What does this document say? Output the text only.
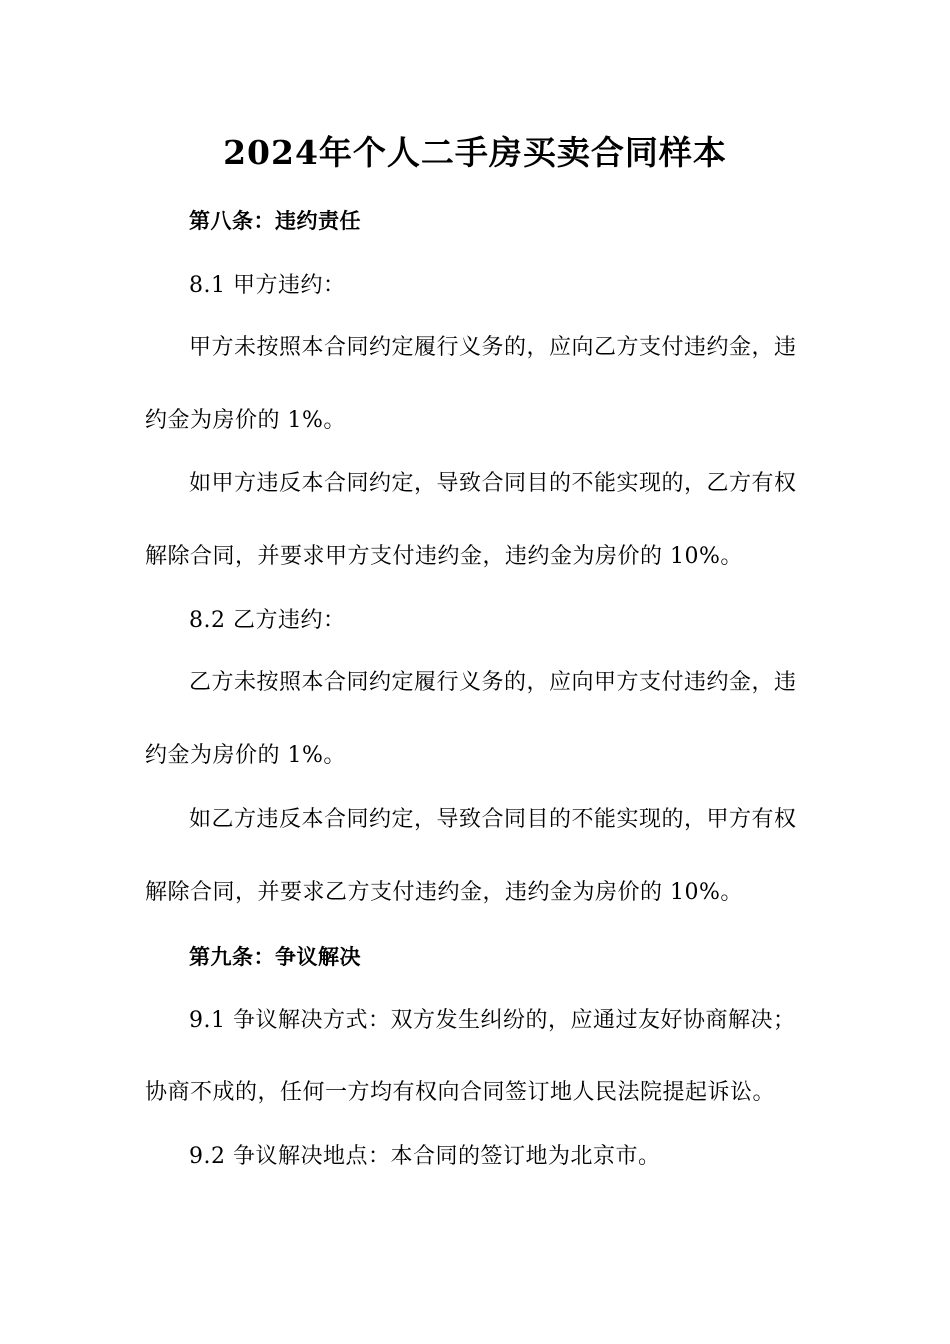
2024年个人二手房买卖合同样本
第八条：违约责任
8.1 甲方违约：
甲方未按照本合同约定履行义务的，应向乙方支付违约金，违
约金为房价的 1%。
如甲方违反本合同约定，导致合同目的不能实现的，乙方有权
解除合同，并要求甲方支付违约金，违约金为房价的 10%。
8.2 乙方违约：
乙方未按照本合同约定履行义务的，应向甲方支付违约金，违
约金为房价的 1%。
如乙方违反本合同约定，导致合同目的不能实现的，甲方有权
解除合同，并要求乙方支付违约金，违约金为房价的 10%。
第九条：争议解决
9.1 争议解决方式：双方发生纠纷的，应通过友好协商解决；
协商不成的，任何一方均有权向合同签订地人民法院提起诉讼。
9.2 争议解决地点：本合同的签订地为北京市。
